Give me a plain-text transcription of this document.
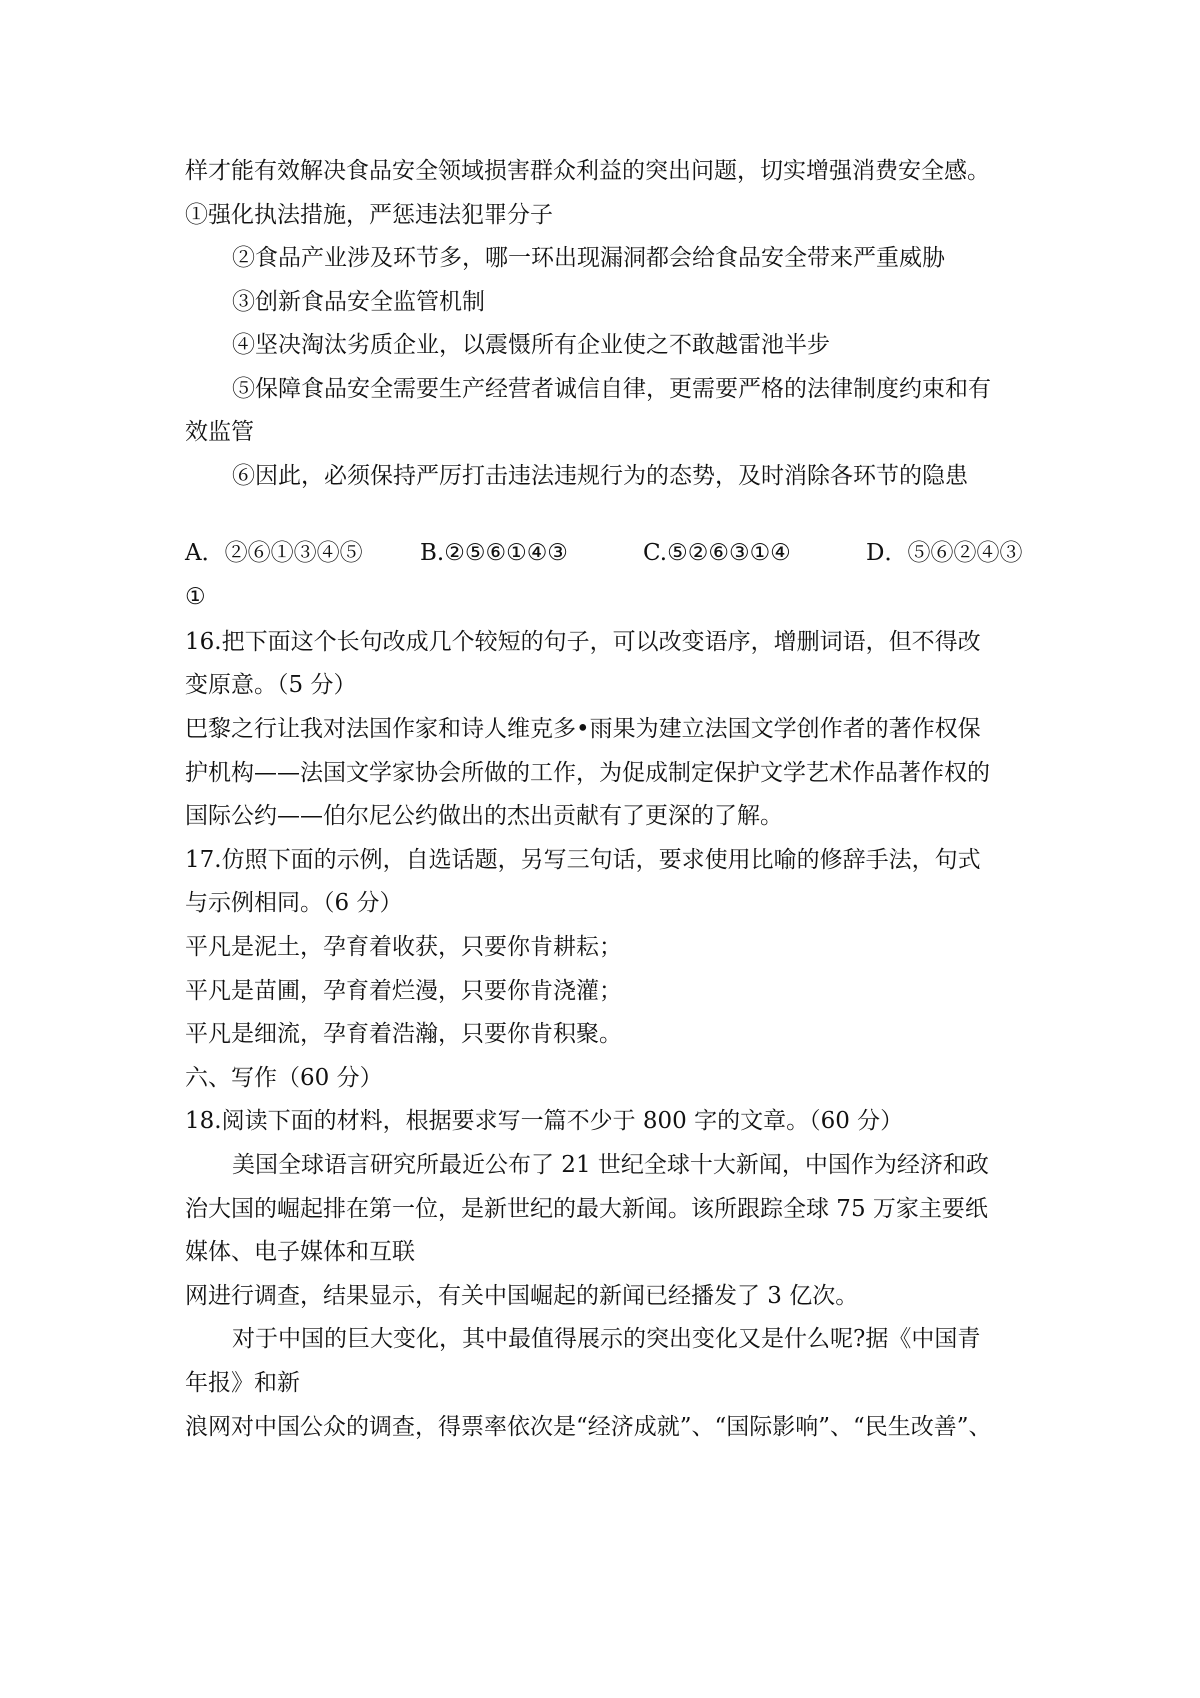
样才能有效解决食品安全领域损害群众利益的突出问题，切实增强消费安全感。
①强化执法措施，严惩违法犯罪分子
②食品产业涉及环节多，哪一环出现漏洞都会给食品安全带来严重威胁
③创新食品安全监管机制
④坚决淘汰劣质企业，以震慑所有企业使之不敢越雷池半步
⑤保障食品安全需要生产经营者诚信自律，更需要严格的法律制度约束和有
效监管
⑥因此，必须保持严厉打击违法违规行为的态势，及时消除各环节的隐患
A．②⑥①③④⑤ B.②⑤⑥①④③	C.⑤②⑥③①④	D．⑤⑥②④③
①
16.把下面这个长句改成几个较短的句子，可以改变语序，增删词语，但不得改
变原意。（5 分）
巴黎之行让我对法国作家和诗人维克多•雨果为建立法国文学创作者的著作权保
护机构——法国文学家协会所做的工作，为促成制定保护文学艺术作品著作权的
国际公约——伯尔尼公约做出的杰出贡献有了更深的了解。
17.仿照下面的示例，自选话题，另写三句话，要求使用比喻的修辞手法，句式
与示例相同。（6 分）
平凡是泥土，孕育着收获，只要你肯耕耘；
平凡是苗圃，孕育着烂漫，只要你肯浇灌；
平凡是细流，孕育着浩瀚，只要你肯积聚。
六、写作（60 分）
18.阅读下面的材料，根据要求写一篇不少于 800 字的文章。（60 分）
美国全球语言研究所最近公布了 21 世纪全球十大新闻，中国作为经济和政
治大国的崛起排在第一位，是新世纪的最大新闻。该所跟踪全球 75 万家主要纸
媒体、电子媒体和互联
网进行调查，结果显示，有关中国崛起的新闻已经播发了 3 亿次。
对于中国的巨大变化，其中最值得展示的突出变化又是什么呢?据《中国青
年报》和新
浪网对中国公众的调查，得票率依次是“经济成就”、“国际影响”、“民生改善”、
